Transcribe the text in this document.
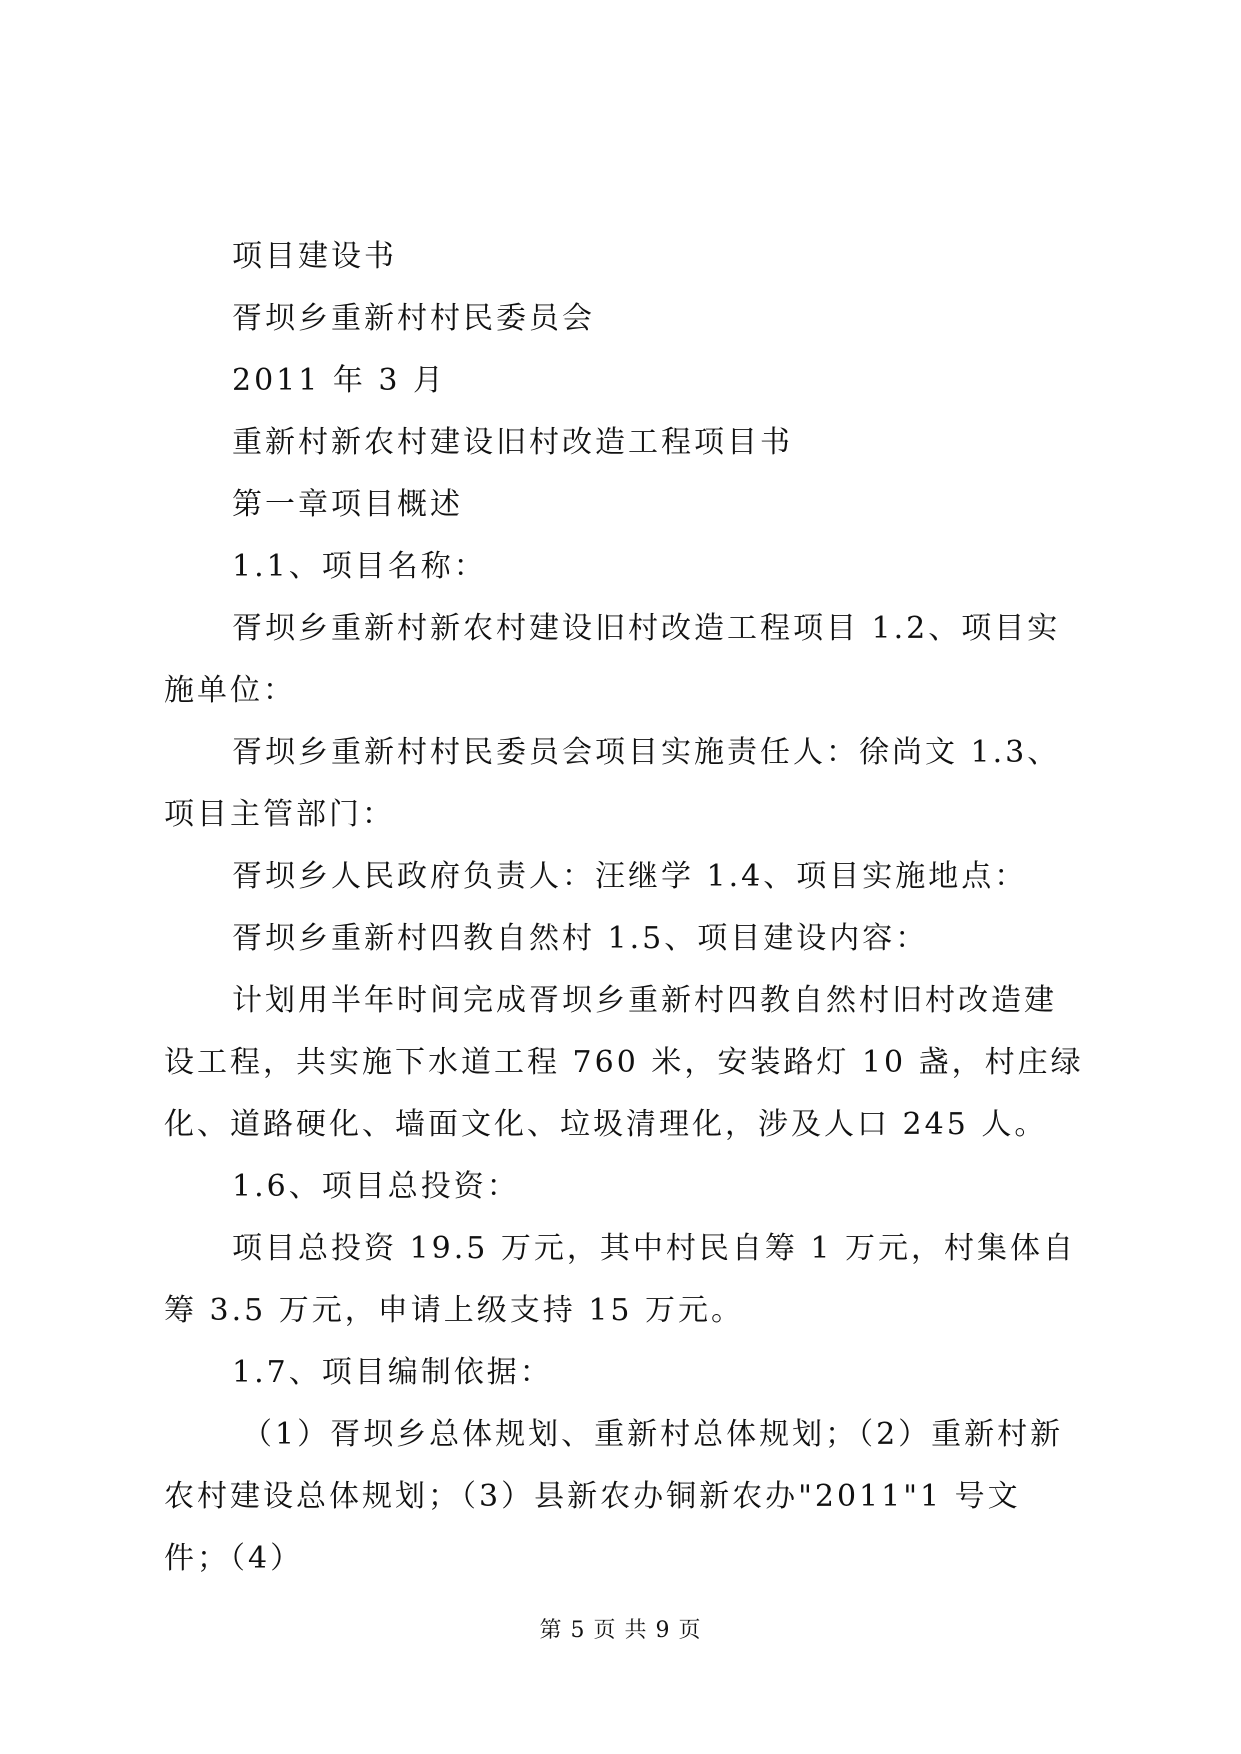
项目建设书

胥坝乡重新村村民委员会

2011 年 3 月

重新村新农村建设旧村改造工程项目书

第一章项目概述

1.1、项目名称：

胥坝乡重新村新农村建设旧村改造工程项目 1.2、项目实施单位：

胥坝乡重新村村民委员会项目实施责任人：徐尚文 1.3、项目主管部门：

胥坝乡人民政府负责人：汪继学 1.4、项目实施地点：

胥坝乡重新村四教自然村 1.5、项目建设内容：

计划用半年时间完成胥坝乡重新村四教自然村旧村改造建设工程，共实施下水道工程 760 米，安装路灯 10 盏，村庄绿化、道路硬化、墙面文化、垃圾清理化，涉及人口 245 人。

1.6、项目总投资：

项目总投资 19.5 万元，其中村民自筹 1 万元，村集体自筹 3.5 万元，申请上级支持 15 万元。

1.7、项目编制依据：

（1）胥坝乡总体规划、重新村总体规划；（2）重新村新农村建设总体规划；（3）县新农办铜新农办"2011"1 号文件；（4）

第 5 页 共 9 页
